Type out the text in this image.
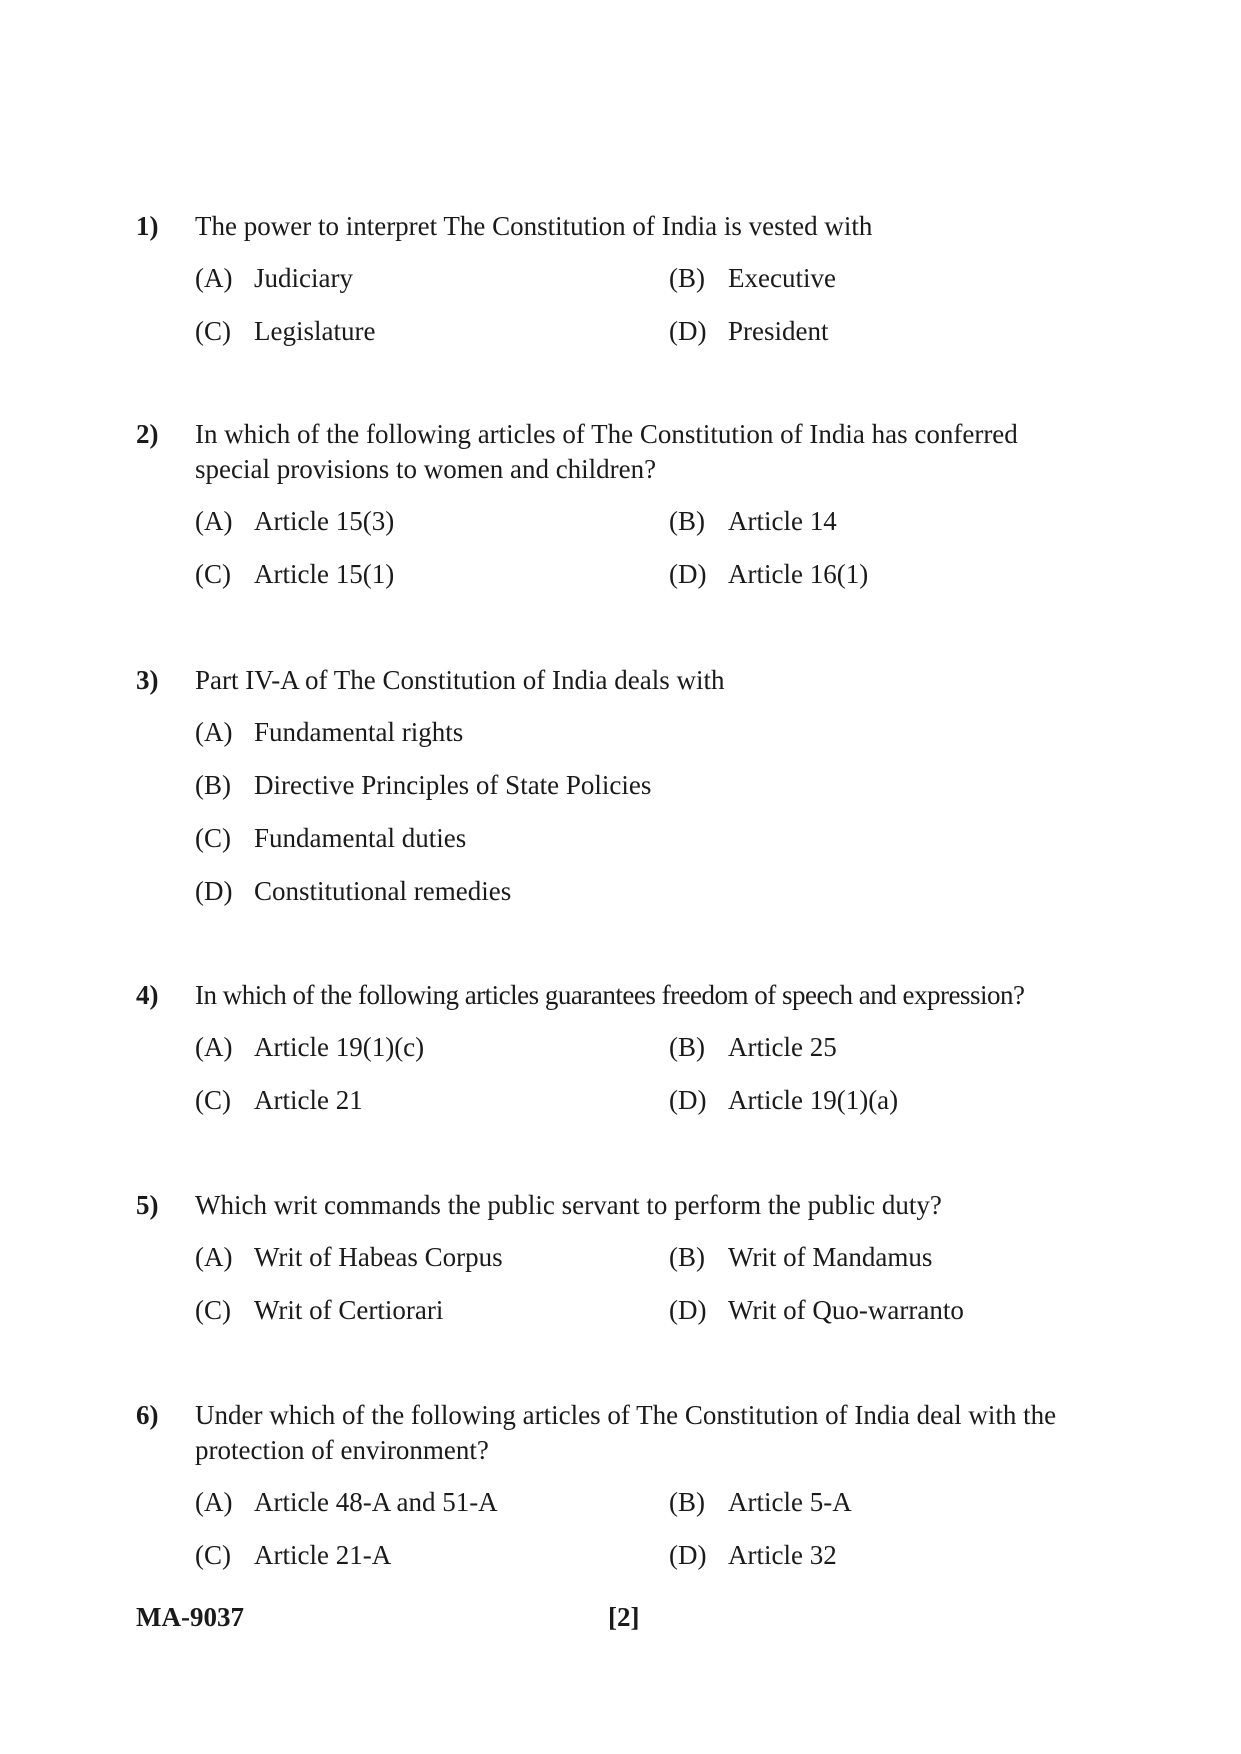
1)	The power to interpret The Constitution of India is vested with
(A) Judiciary	(B) Executive
(C) Legislature	(D) President
2)	In which of the following articles of The Constitution of India has conferred special provisions to women and children?
(A) Article 15(3)	(B) Article 14
(C) Article 15(1)	(D) Article 16(1)
3)	Part IV-A of The Constitution of India deals with
(A) Fundamental rights
(B) Directive Principles of State Policies
(C) Fundamental duties
(D) Constitutional remedies
4)	In which of the following articles guarantees freedom of speech and expression?
(A) Article 19(1)(c)	(B) Article 25
(C) Article 21	(D) Article 19(1)(a)
5)	Which writ commands the public servant to perform the public duty?
(A) Writ of Habeas Corpus	(B) Writ of Mandamus
(C) Writ of Certiorari	(D) Writ of Quo-warranto
6)	Under which of the following articles of The Constitution of India deal with the protection of environment?
(A) Article 48-A and 51-A	(B) Article 5-A
(C) Article 21-A	(D) Article 32
MA-9037	[2]
